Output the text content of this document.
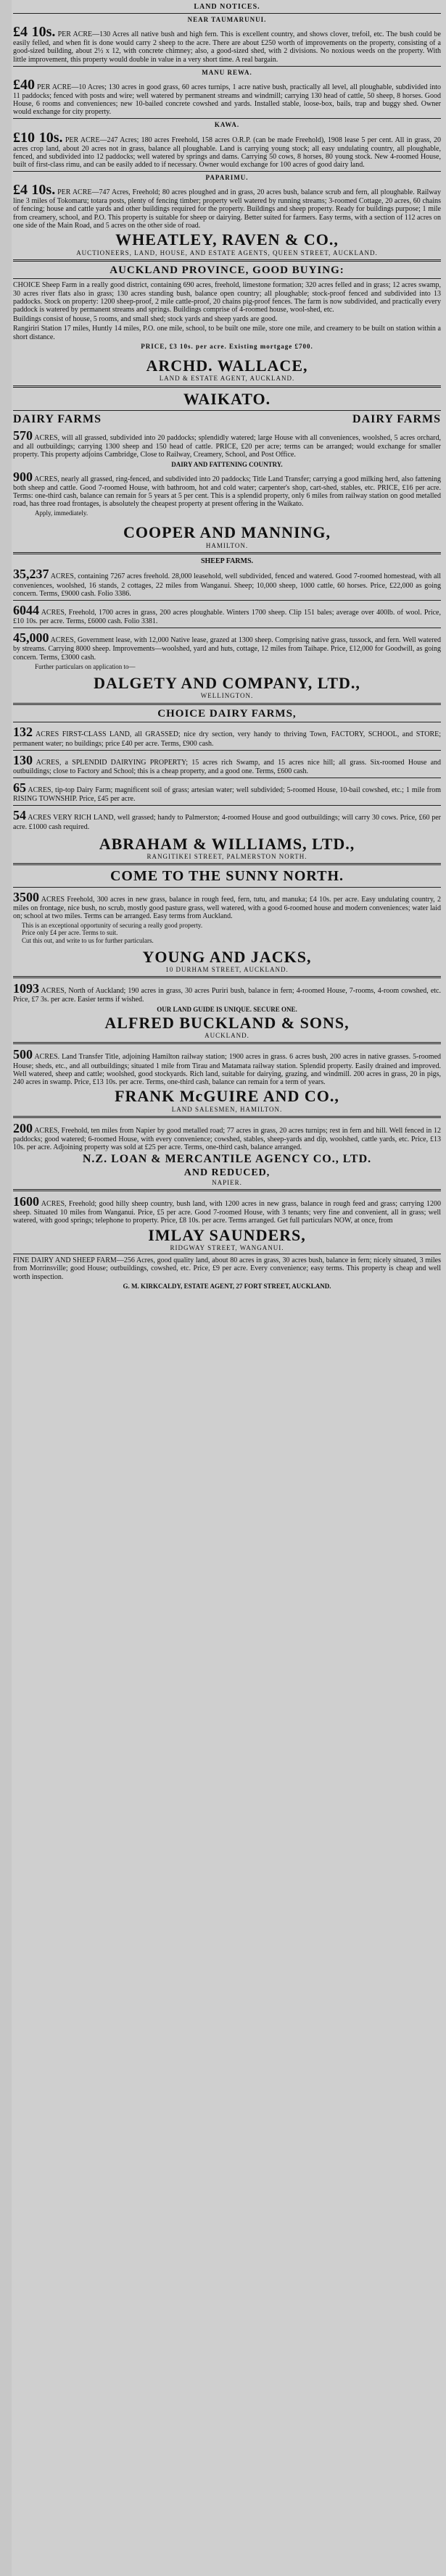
LAND NOTICES.
NEAR TAUMARUNUI.

£4 10s. PER ACRE—130 Acres all native bush and high fern. This is excellent country, and shows clover, trefoil, etc. The bush could be easily felled, and when fit is done would carry 2 sheep to the acre. There are about £250 worth of improvements on the property, consisting of a good-sized building, about 2½ x 12, with concrete chimney; also, a good-sized shed, with 2 divisions. No noxious weeds on the property. With little improvement, this property would double in value in a very short time. A real bargain.

MANU REWA.

£40 PER ACRE—10 Acres; 130 acres in good grass, 60 acres turnips, 1 acre native bush, practically all level, all ploughable, subdivided into 11 paddocks; fenced with posts and wire; well watered by permanent streams and windmill; carrying 130 head of cattle, 50 sheep, 8 horses. Good House, 6 rooms and conveniences; new 10-bailed concrete cowshed and yards. Installed stable, loose-box, bails, trap and buggy shed. Owner would exchange for city property.

KAWA.

£10 10s. PER ACRE—247 Acres; 180 acres Freehold, 158 acres O.R.P. (can be made Freehold), 1908 lease 5 per cent. All in grass, 20 acres crop land, about 20 acres not in grass, balance all ploughable. Land is carrying young stock; all easy undulating country, all ploughable, fenced, and subdivided into 12 paddocks; well watered by springs and dams. Carrying 50 cows, 8 horses, 80 young stock. New 4-roomed House, built of first-class rimu, and can be easily added to if necessary. Owner would exchange for 100 acres of good dairy land.

PAPARIMU.

£4 10s. PER ACRE—747 Acres, Freehold; 80 acres ploughed and in grass, 20 acres bush, balance scrub and fern, all ploughable. Railway line 3 miles of Tokomaru; totara posts, plenty of fencing timber; property well watered by running streams; 3-roomed Cottage, 20 acres, 60 chains of fencing; house and cattle yards and other buildings required for the property. Buildings and sheep property. Ready for buildings purpose; 1 mile from creamery, school, and P.O. This property is suitable for sheep or dairying. Better suited for farmers. Easy terms, with a section of 112 acres on one side of the Main Road, and 5 acres on the other side of road.

WHEATLEY, RAVEN & CO.,
AUCTIONEERS, LAND, HOUSE, AND ESTATE AGENTS, QUEEN STREET, AUCKLAND.
AUCKLAND PROVINCE, GOOD BUYING:

CHOICE Sheep Farm in a really good district, containing 690 acres, freehold, limestone formation; 320 acres felled and in grass; 12 acres swamp, 30 acres river flats also in grass; 130 acres standing bush, balance open country; all ploughable; stock-proof fenced and subdivided into 13 paddocks. Stock on property: 1200 sheep-proof, 2 mile cattle-proof, 20 chains pig-proof fences. The farm is now subdivided, and practically every paddock is watered by permanent streams and springs. Buildings comprise of 4-roomed house, wool-shed, etc.

Buildings consist of house, 5 rooms, and small shed; stock yards and sheep yards are good.

Rangiriri Station 17 miles, Huntly 14 miles, P.O. one mile, school, to be built one mile, store one mile, and creamery to be built on station within a short distance.

PRICE, £3 10s. per acre. Existing mortgage £700.
ARCHD. WALLACE,
LAND & ESTATE AGENT, AUCKLAND.
WAIKATO.
DAIRY FARMS	DAIRY FARMS

570 ACRES, will all grassed, subdivided into 20 paddocks; splendidly watered; large House with all conveniences, woolshed, 5 acres orchard, and all outbuildings; carrying 1300 sheep and 150 head of cattle. PRICE, £20 per acre; terms can be arranged; would exchange for smaller property. This property adjoins Cambridge, Close to Railway, Creamery, School, and Post Office.

DAIRY AND FATTENING COUNTRY.

900 ACRES, nearly all grassed, ring-fenced, and subdivided into 20 paddocks; Title Land Transfer; carrying a good milking herd, also fattening both sheep and cattle. Good 7-roomed House, with bathroom, hot and cold water; carpenter's shop, cart-shed, stables, etc. PRICE, £16 per acre. Terms: one-third cash, balance can remain for 5 years at 5 per cent. This is a splendid property, only 6 miles from railway station on good metalled road, has three road frontages, is absolutely the cheapest property at present offering in the Waikato.

Apply, immediately.
COOPER AND MANNING,
HAMILTON.
SHEEP FARMS.

35,237 ACRES, containing 7267 acres freehold. 28,000 leasehold, well subdivided, fenced and watered. Good 7-roomed homestead, with all conveniences, woolshed, 16 stands, 2 cottages, 22 miles from Wanganui. Sheep; 10,000 sheep, 1000 cattle, 60 horses. Price, £22,000 as going concern. Terms, £9000 cash. Folio 3386.

6044 ACRES, Freehold, 1700 acres in grass, 200 acres ploughable. Winters 1700 sheep. Clip 151 bales; average over 400lb. of wool. Price, £10 10s. per acre. Terms, £6000 cash. Folio 3381.

45,000 ACRES, Government lease, with 12,000 Native lease, grazed at 1300 sheep. Comprising native grass, tussock, and fern. Well watered by streams. Carrying 8000 sheep. Improvements—woolshed, yard and huts, cottage, 12 miles from Taihape. Price, £12,000 for Goodwill, as going concern. Terms, £3000 cash.

Further particulars on application to—
DALGETY AND COMPANY, LTD.,
WELLINGTON.
CHOICE DAIRY FARMS,

132 ACRES FIRST-CLASS LAND, all GRASSED; nice dry section, very handy to thriving Town, FACTORY, SCHOOL, and STORE; permanent water; no buildings; price £40 per acre. Terms, £900 cash.

130 ACRES, a SPLENDID DAIRYING PROPERTY; 15 acres rich Swamp, and 15 acres nice hill; all grass. Six-roomed House and outbuildings; close to Factory and School; this is a cheap property, and a good one. Terms, £600 cash.

65 ACRES, tip-top Dairy Farm; magnificent soil of grass; artesian water; well subdivided; 5-roomed House, 10-bail cowshed, etc.; 1 mile from RISING TOWNSHIP. Price, £45 per acre.

54 ACRES VERY RICH LAND, well grassed; handy to Palmerston; 4-roomed House and good outbuildings; will carry 30 cows. Price, £60 per acre. £1000 cash required.

ABRAHAM & WILLIAMS, LTD.,
RANGITIKEI STREET, PALMERSTON NORTH.
COME TO THE SUNNY NORTH.

3500 ACRES Freehold, 300 acres in new grass, balance in rough feed, fern, tutu, and manuka; £4 10s. per acre. Easy undulating country, 2 miles on frontage, nice bush, no scrub, mostly good pasture grass, well watered, with a good 6-roomed house and modern conveniences; water laid on; school at two miles. Terms can be arranged. Easy terms from Auckland.

This is an exceptional opportunity of securing a really good property.
Price only £4 per acre. Terms to suit.
Cut this out, and write to us for further particulars.
YOUNG AND JACKS,
10 DURHAM STREET, AUCKLAND.

1093 ACRES, North of Auckland; 190 acres in grass, 30 acres Puriri bush, balance in fern; 4-roomed House, 7-rooms, 4-room cowshed, etc. Price, £7 3s. per acre. Easier terms if wished.

OUR LAND GUIDE IS UNIQUE. SECURE ONE.
ALFRED BUCKLAND & SONS,
AUCKLAND.

500 ACRES. Land Transfer Title, adjoining Hamilton railway station; 1900 acres in grass. 6 acres bush, 200 acres in native grasses. 5-roomed House; sheds, etc., and all outbuildings; situated 1 mile from Tirau and Matamata railway station. Splendid property. Easily drained and improved. Well watered, sheep and cattle; woolshed, good stockyards. Rich land, suitable for dairying, grazing, and windmill. 200 acres in grass, 20 in pigs, 240 acres in swamp. Price, £13 10s. per acre. Terms, one-third cash, balance can remain for a term of years.

FRANK McGUIRE AND CO.,
LAND SALESMEN, HAMILTON.

200 ACRES, Freehold, ten miles from Napier by good metalled road; 77 acres in grass, 20 acres turnips; rest in fern and hill. Well fenced in 12 paddocks; good watered; 6-roomed House, with every convenience; cowshed, stables, sheep-yards and dip, woolshed, cattle yards, etc. Price, £13 10s. per acre. Adjoining property was sold at £25 per acre. Terms, one-third cash, balance arranged.

N.Z. LOAN & MERCANTILE AGENCY CO., LTD.
AND REDUCED,
NAPIER.

1600 ACRES, Freehold; good hilly sheep country, bush land, with 1200 acres in new grass, balance in rough feed and grass; carrying 1200 sheep. Situated 10 miles from Wanganui. Price, £5 per acre. Good 7-roomed House, with 3 tenants; very fine and convenient, all in grass; well watered, with good springs; telephone to property. Price, £8 10s. per acre. Terms arranged. Get full particulars NOW, at once, from

IMLAY SAUNDERS,
RIDGWAY STREET, WANGANUI.

FINE DAIRY AND SHEEP FARM—256 Acres, good quality land, about 80 acres in grass, 30 acres bush, balance in fern; nicely situated, 3 miles from Morrinsville; good House; outbuildings, cowshed, etc. Price, £9 per acre. Every convenience; easy terms. This property is cheap and well worth inspection.

G. M. KIRKCALDY, ESTATE AGENT, 27 FORT STREET, AUCKLAND.
